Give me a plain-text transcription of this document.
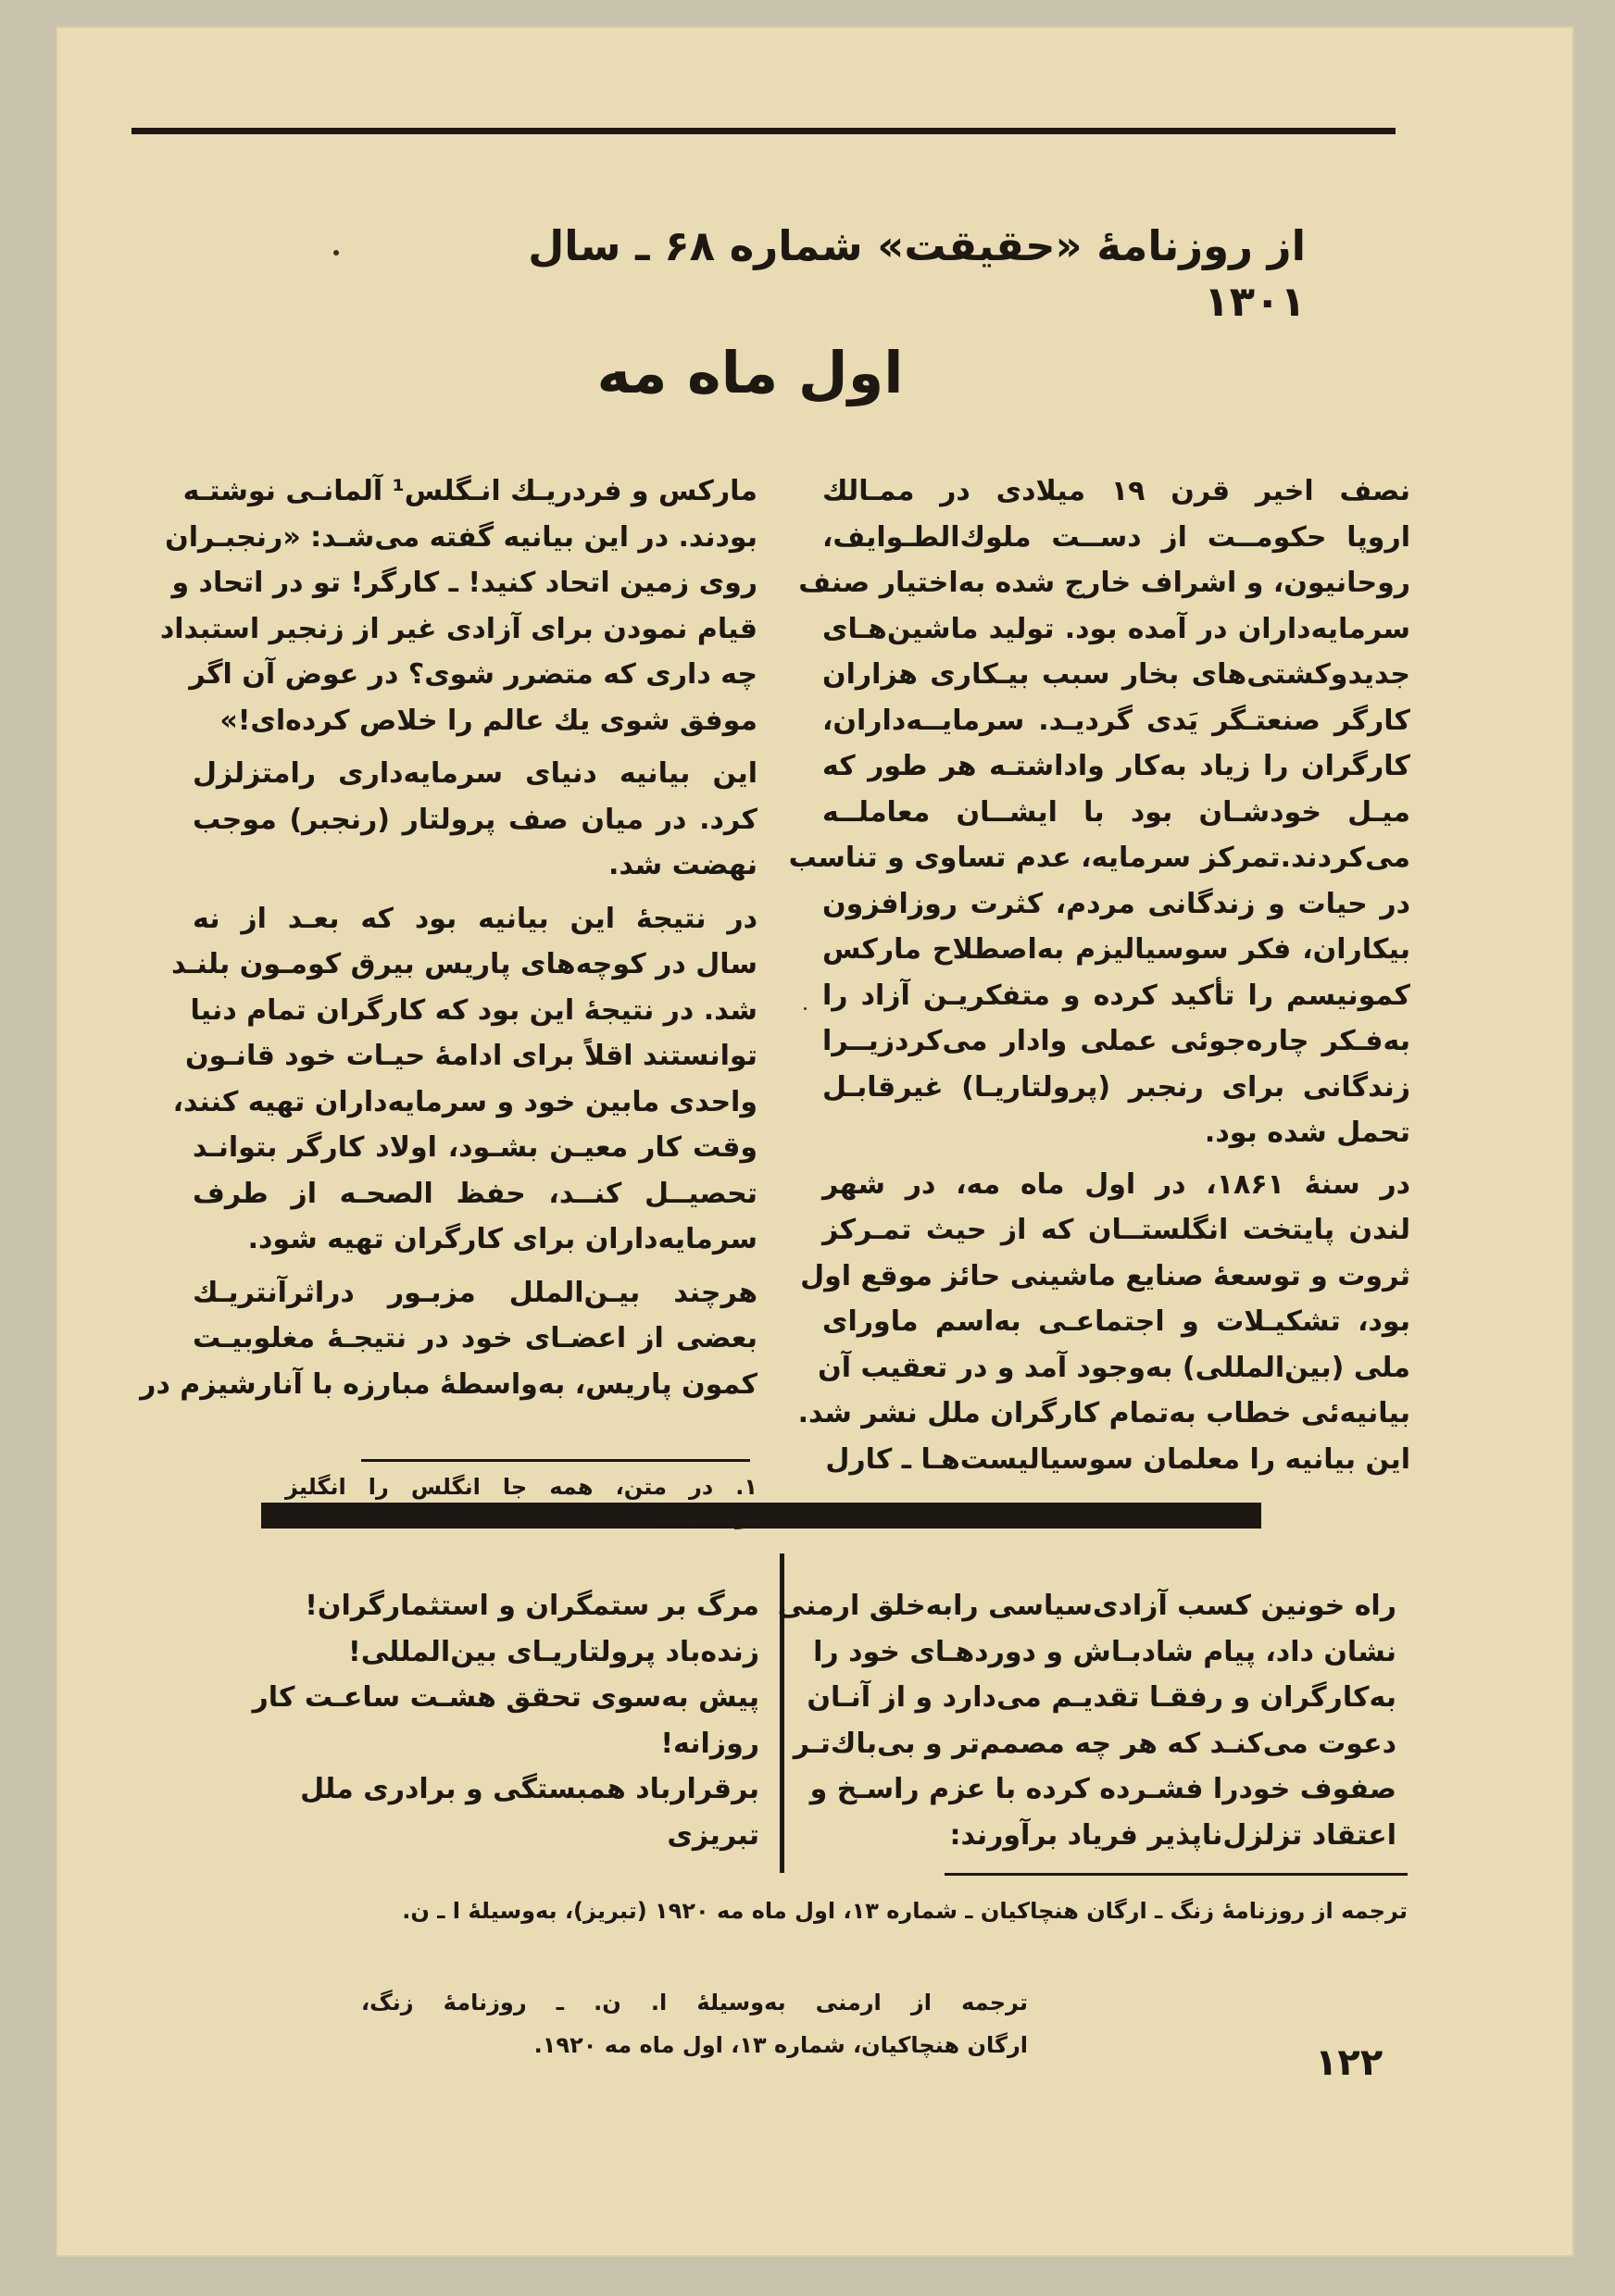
از روزنامۀ «حقیقت» شماره ۶۸ ـ سال ۱۳۰۱
اول ماه مه
نصف اخیر قرن ۱۹ میلادی در ممـالك
اروپا حکومــت از دســت ملوك‌الطـوایف،
روحانیون، و اشراف خارج شده به‌اختیار صنف
سرمایه‌داران در آمده بود. تولید ماشین‌هـای
جدیدوکشتی‌های بخار سبب بیـکاری هزاران
کارگر صنعتـگر یَدی گردیـد. سرمایــه‌داران،
کارگران را زیاد به‌کار واداشتـه هر طور که
میـل خودشـان بود با ایشــان معاملــه
می‌کردند.تمرکز سرمایه، عدم تساوی و تناسب
در حیات و زندگانی مردم، کثرت روزافزون
بیکاران، فکر سوسیالیزم به‌اصطلاح مارکس
کمونیسم را تأکید کرده و متفکریـن آزاد را
به‌فـکر چاره‌جوئی عملی وادار می‌کردزیــرا
زندگانی برای رنجبر (پرولتاریـا) غیرقابـل
تحمل شده بود.
در سنۀ ۱۸۶۱، در اول ماه مه، در شهر
لندن پایتخت انگلستــان که از حیث تمـرکز
ثروت و توسعۀ صنایع ماشینی حائز موقع اول
بود، تشکیـلات و اجتماعـی به‌اسم ماورای
ملی (بین‌المللی) به‌وجود آمد و در تعقیب آن
بیانیه‌ئی خطاب به‌تمام کارگران ملل نشر شد.
این بیانیه را معلمان سوسیالیست‌هـا ـ کارل
مارکس و فردریـك انـگلس¹ آلمانـی نوشتـه
بودند. در این بیانیه گفته می‌شـد: «رنجبـران
روی زمین اتحاد کنید! ـ کارگر! تو در اتحاد و
قیام نمودن برای آزادی غیر از زنجیر استبداد
چه داری که متضرر شوی؟ در عوض آن اگر
موفق شوی یك عالم را خلاص کرده‌ای!»
این بیانیه دنیای سرمایه‌داری رامتزلزل
کرد. در میان صف پرولتار (رنجبر) موجب
نهضت شد.
در نتیجۀ این بیانیه بود که بعـد از نه
سال در کوچه‌های پاریس بیرق کومـون بلنـد
شد. در نتیجۀ این بود که کارگران تمام دنیا
توانستند اقلاً برای ادامۀ حیـات خود قانـون
واحدی مابین خود و سرمایه‌داران تهیه کنند،
وقت کار معیـن بشـود، اولاد کارگر بتوانـد
تحصیــل کنــد، حفظ الصحـه از طرف
سرمایه‌داران برای کارگران تهیه شود.
هرچند بیـن‌الملل مزبـور دراثرآنتریـك
بعضی از اعضـای خود در نتیجـۀ مغلوبیـت
کمون پاریس، به‌واسطۀ مبارزه با آنارشیزم در
۱. در متن، همه جا انگلس را انگلیز نوشته‌اند.
راه خونین کسب آزادی‌سیاسی رابه‌خلق ارمنی
نشان داد، پیام شادبـاش و دوردهـای خود را
به‌کارگران و رفقـا تقدیـم می‌دارد و از آنـان
دعوت می‌کنـد که هر چه مصمم‌تر و بی‌باك‌تـر
صفوف خودرا فشـرده کرده با عزم راسـخ و
اعتقاد تزلزل‌ناپذیر فریاد برآورند:
مرگ بر ستمگران و استثمارگران!
زنده‌باد پرولتاریـای بین‌المللی!
پیش به‌سوی تحقق هشـت ساعـت کار
روزانه!
برقرارباد همبستگی و برادری ملل
تبریزی
ترجمه از روزنامۀ زنگ ـ ارگان هنچاکیان ـ شماره ۱۳، اول ماه مه ۱۹۲۰ (تبریز)، به‌وسیلۀ ا ـ ن.
ترجمه از ارمنی به‌وسیلۀ ا. ن. ـ روزنامۀ زنگ،
ارگان هنچاکیان، شماره ۱۳، اول ماه مه ۱۹۲۰.	۱۲۲
